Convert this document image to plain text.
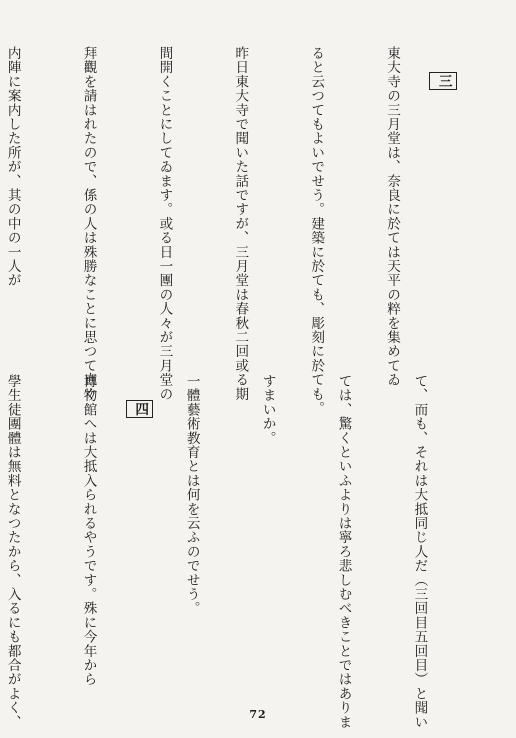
三

東大寺の三月堂は、奈良に於ては天平の粹を集めてゐ

ると云つてもよいでせう。建築に於ても、彫刻に於ても。

昨日東大寺で聞いた話ですが、三月堂は春秋二回或る期

間開くことにしてゐます。或る日一團の人々が三月堂の

拜觀を請はれたので、係の人は殊勝なことに思つて直ぐ

内陣に案内した所が、其の中の一人が

て、而も、それは大抵同じ人だ（三回目五回目）と聞い

ては、驚くといふよりは寧ろ悲しむべきことではありま

すまいか。

一體藝術教育とは何を云ふのでせう。

四

博物館へは大抵入られるやうです。殊に今年から

學生徒團體は無料となつたから、入るにも都合がよく、

	72
